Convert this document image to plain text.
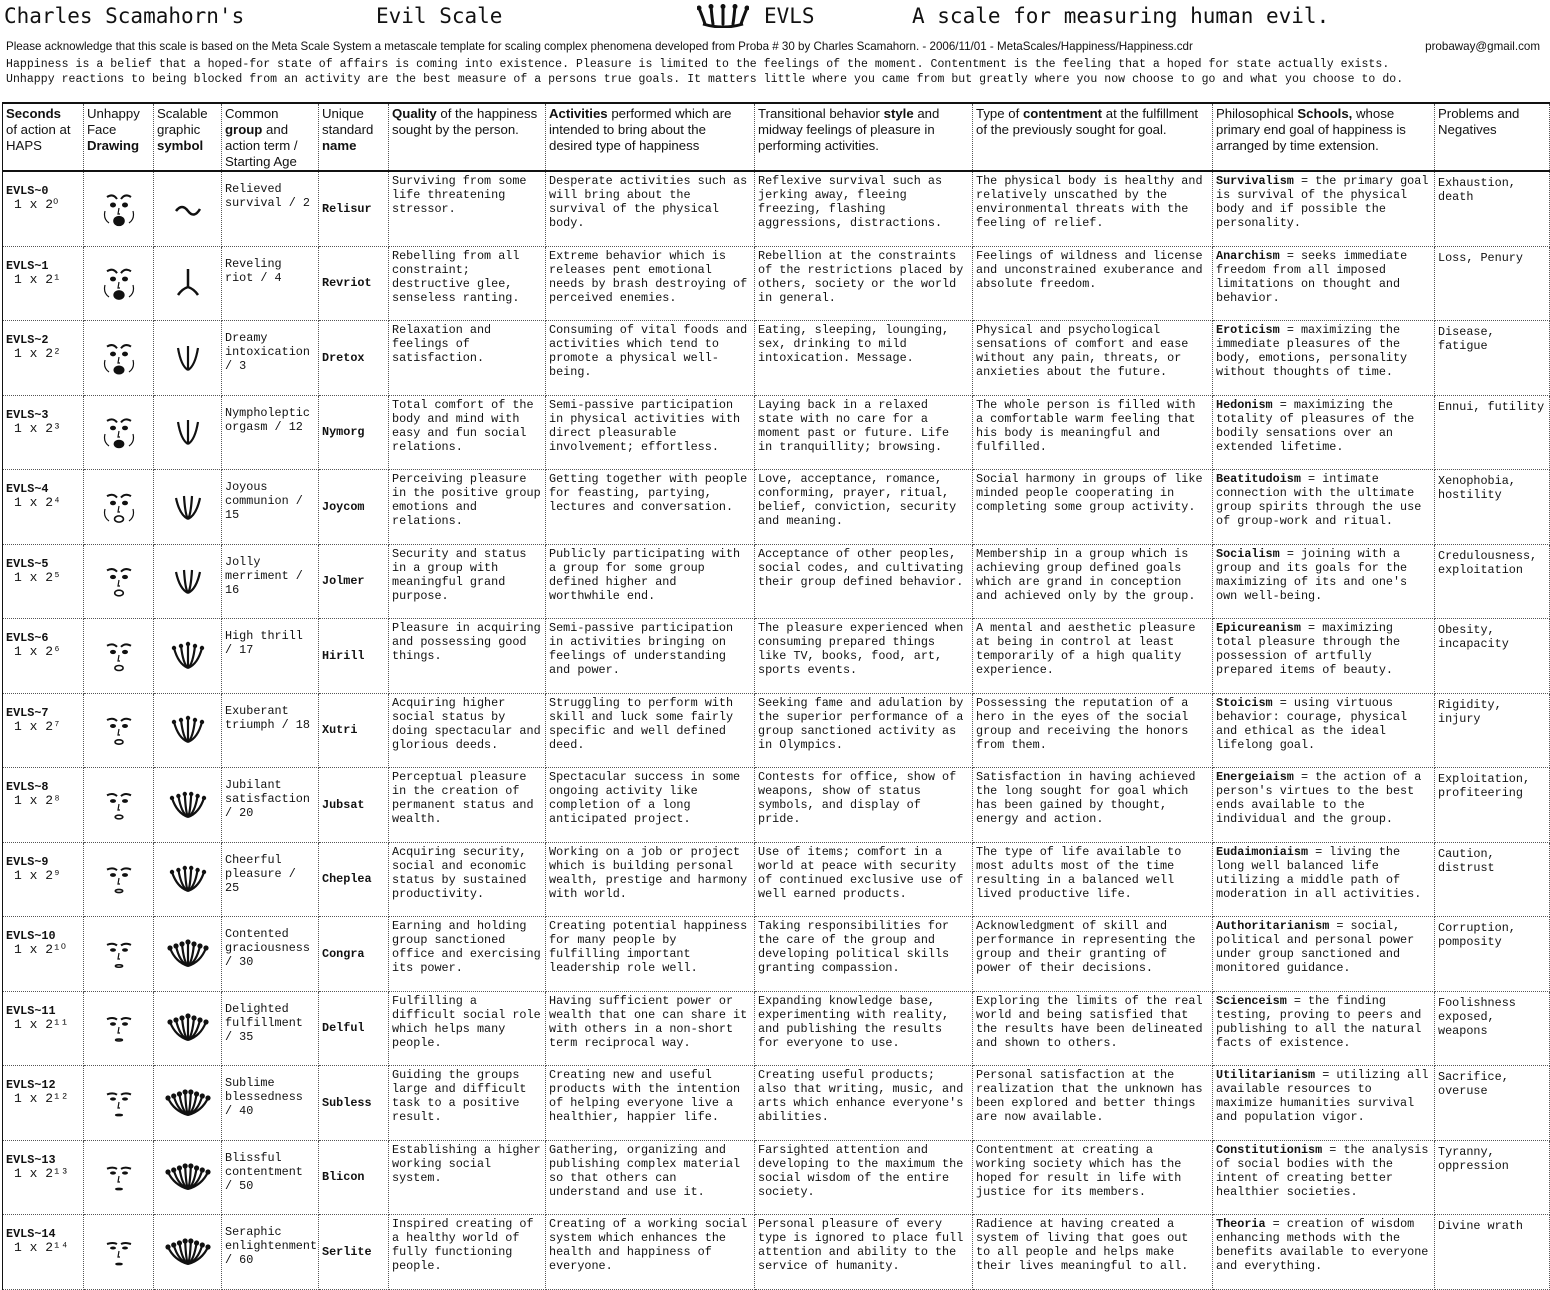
Charles Scamahorn's

	Evil Scale

	EVLS

	A scale for measuring human evil.

Please acknowledge that this scale is based on the Meta Scale System a metascale template for scaling complex phenomena developed from Proba # 30 by Charles Scamahorn. - 2006/11/01 - MetaScales/Happiness/Happiness.cdr	probaway@gmail.com
Happiness is a belief that a hoped-for state of affairs is coming into existence. Pleasure is limited to the feelings of the moment. Contentment is the feeling that a hoped for state actually exists.
Unhappy reactions to being blocked from an activity are the best measure of a persons true goals. It matters little where you came from but greatly where you now choose to go and what you choose to do.
Seconds
of action at HAPS	Unhappy Face
Drawing	Scalable graphic
symbol	Common
group and action term / Starting Age	Unique standard
name	Quality of the happiness sought by the person.	Activities performed which are intended to bring about the desired type of happiness	Transitional behavior style and midway feelings of pleasure in performing activities.	Type of contentment at the fulfillment of the previously sought for goal.	Philosophical Schools, whose primary end goal of happiness is arranged by time extension.	Problems and Negatives
EVLS~0
1 x 2⁰			Relieved survival / 2	Relisur	Surviving from some life threatening stressor.	Desperate activities such as will bring about the survival of the physical body.	Reflexive survival such as jerking away, fleeing freezing, flashing aggressions, distractions.	The physical body is healthy and relatively unscathed by the environmental threats with the feeling of relief.	Survivalism = the primary goal is survival of the physical body and if possible the personality.	Exhaustion, death
EVLS~1
1 x 2¹			Reveling riot / 4	Revriot	Rebelling from all constraint; destructive glee, senseless ranting.	Extreme behavior which is releases pent emotional needs by brash destroying of perceived enemies.	Rebellion at the constraints of the restrictions placed by others, society or the world in general.	Feelings of wildness and license and unconstrained exuberance and absolute freedom.	Anarchism = seeks immediate freedom from all imposed limitations on thought and behavior.	Loss, Penury
EVLS~2
1 x 2²			Dreamy intoxication / 3	Dretox	Relaxation and feelings of satisfaction.	Consuming of vital foods and activities which tend to promote a physical well-being.	Eating, sleeping, lounging, sex, drinking to mild intoxication. Message.	Physical and psychological sensations of comfort and ease without any pain, threats, or anxieties about the future.	Eroticism = maximizing the immediate pleasures of the body, emotions, personality without thoughts of time.	Disease, fatigue
EVLS~3
1 x 2³			Nympholeptic orgasm / 12	Nymorg	Total comfort of the body and mind with easy and fun social relations.	Semi-passive participation in physical activities with direct pleasurable involvement; effortless.	Laying back in a relaxed state with no care for a moment past or future. Life in tranquillity; browsing.	The whole person is filled with a comfortable warm feeling that his body is meaningful and fulfilled.	Hedonism = maximizing the totality of pleasures of the bodily sensations over an extended lifetime.	Ennui, futility
EVLS~4
1 x 2⁴			Joyous communion / 15	Joycom	Perceiving pleasure in the positive group emotions and relations.	Getting together with people for feasting, partying, lectures and conversation.	Love, acceptance, romance, conforming, prayer, ritual, belief, conviction, security and meaning.	Social harmony in groups of like minded people cooperating in completing some group activity.	Beatitudoism = intimate connection with the ultimate group spirits through the use of group-work and ritual.	Xenophobia, hostility
EVLS~5
1 x 2⁵			Jolly merriment / 16	Jolmer	Security and status in a group with meaningful grand purpose.	Publicly participating with a group for some group defined higher and worthwhile end.	Acceptance of other peoples, social codes, and cultivating their group defined behavior.	Membership in a group which is achieving group defined goals which are grand in conception and achieved only by the group.	Socialism = joining with a group and its goals for the maximizing of its and one's own well-being.	Credulousness, exploitation
EVLS~6
1 x 2⁶			High thrill / 17	Hirill	Pleasure in acquiring and possessing good things.	Semi-passive participation in activities bringing on feelings of understanding and power.	The pleasure experienced when consuming prepared things like TV, books, food, art, sports events.	A mental and aesthetic pleasure at being in control at least temporarily of a high quality experience.	Epicureanism = maximizing total pleasure through the possession of artfully prepared items of beauty.	Obesity, incapacity
EVLS~7
1 x 2⁷			Exuberant triumph / 18	Xutri	Acquiring higher social status by doing spectacular and glorious deeds.	Struggling to perform with skill and luck some fairly specific and well defined deed.	Seeking fame and adulation by the superior performance of a group sanctioned activity as in Olympics.	Possessing the reputation of a hero in the eyes of the social group and receiving the honors from them.	Stoicism = using virtuous behavior: courage, physical and ethical as the ideal lifelong goal.	Rigidity, injury
EVLS~8
1 x 2⁸			Jubilant satisfaction / 20	Jubsat	Perceptual pleasure in the creation of permanent status and wealth.	Spectacular success in some ongoing activity like completion of a long anticipated project.	Contests for office, show of weapons, show of status symbols, and display of pride.	Satisfaction in having achieved the long sought for goal which has been gained by thought, energy and action.	Energeiaism = the action of a person's virtues to the best ends available to the individual and the group.	Exploitation, profiteering
EVLS~9
1 x 2⁹			Cheerful pleasure / 25	Cheplea	Acquiring security, social and economic status by sustained productivity.	Working on a job or project which is building personal wealth, prestige and harmony with world.	Use of items; comfort in a world at peace with security of continued exclusive use of well earned products.	The type of life available to most adults most of the time resulting in a balanced well lived productive life.	Eudaimoniaism = living the long well balanced life utilizing a middle path of moderation in all activities.	Caution, distrust
EVLS~10
1 x 2¹⁰			Contented graciousness / 30	Congra	Earning and holding group sanctioned office and exercising its power.	Creating potential happiness for many people by fulfilling important leadership role well.	Taking responsibilities for the care of the group and developing political skills granting compassion.	Acknowledgment of skill and performance in representing the group and their granting of power of their decisions.	Authoritarianism = social, political and personal power under group sanctioned and monitored guidance.	Corruption, pomposity
EVLS~11
1 x 2¹¹			Delighted fulfillment / 35	Delful	Fulfilling a difficult social role which helps many people.	Having sufficient power or wealth that one can share it with others in a non-short term reciprocal way.	Expanding knowledge base, experimenting with reality, and publishing the results for everyone to use.	Exploring the limits of the real world and being satisfied that the results have been delineated and shown to others.	Scienceism = the finding testing, proving to peers and publishing to all the natural facts of existence.	Foolishness exposed, weapons
EVLS~12
1 x 2¹²			Sublime blessedness / 40	Subless	Guiding the groups large and difficult task to a positive result.	Creating new and useful products with the intention of helping everyone live a healthier, happier life.	Creating useful products; also that writing, music, and arts which enhance everyone's abilities.	Personal satisfaction at the realization that the unknown has been explored and better things are now available.	Utilitarianism = utilizing all available resources to maximize humanities survival and population vigor.	Sacrifice, overuse
EVLS~13
1 x 2¹³			Blissful contentment / 50	Blicon	Establishing a higher working social system.	Gathering, organizing and publishing complex material so that others can understand and use it.	Farsighted attention and developing to the maximum the social wisdom of the entire society.	Contentment at creating a working society which has the hoped for result in life with justice for its members.	Constitutionism = the analysis of social bodies with the intent of creating better healthier societies.	Tyranny, oppression
EVLS~14
1 x 2¹⁴			Seraphic enlightenment / 60	Serlite	Inspired creating of a healthy world of fully functioning people.	Creating of a working social system which enhances the health and happiness of everyone.	Personal pleasure of every type is ignored to place full attention and ability to the service of humanity.	Radience at having created a system of living that goes out to all people and helps make their lives meaningful to all.	Theoria = creation of wisdom enhancing methods with the benefits available to everyone and everything.	Divine wrath
